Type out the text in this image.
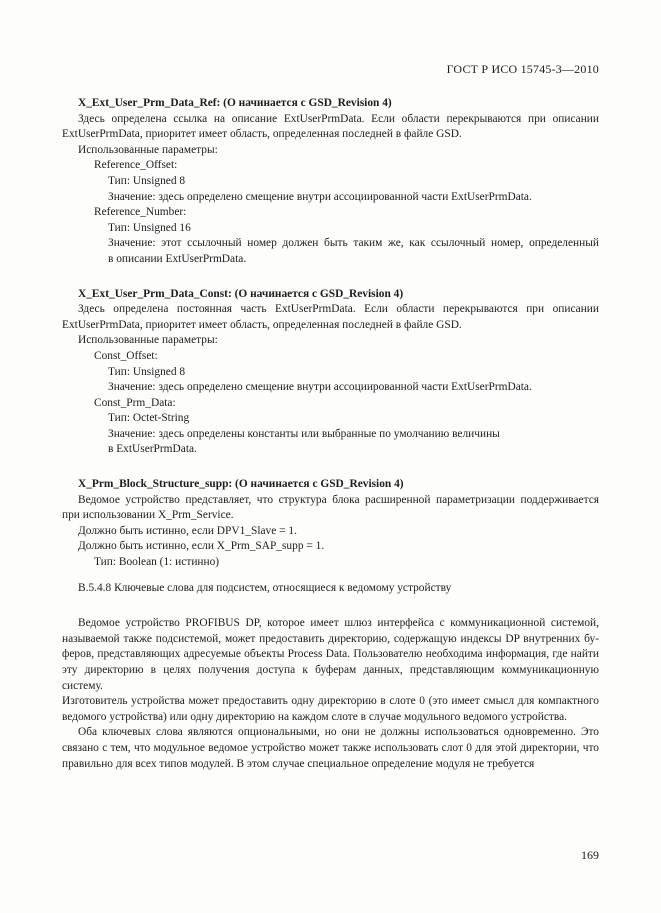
ГОСТ Р ИСО 15745-3—2010
X_Ext_User_Prm_Data_Ref: (О начинается с GSD_Revision 4)
Здесь определена ссылка на описание ExtUserPrmData. Если области перекрываются при описании
ExtUserPrmData, приоритет имеет область, определенная последней в файле GSD.
Использованные параметры:
Reference_Offset:
Тип: Unsigned 8
Значение: здесь определено смещение внутри ассоциированной части ExtUserPrmData.
Reference_Number:
Тип: Unsigned 16
Значение: этот ссылочный номер должен быть таким же, как ссылочный номер, определенный
в описании ExtUserPrmData.
X_Ext_User_Prm_Data_Const: (О начинается с GSD_Revision 4)
Здесь определена постоянная часть ExtUserPrmData. Если области перекрываются при описании
ExtUserPrmData, приоритет имеет область, определенная последней в файле GSD.
Использованные параметры:
Const_Offset:
Тип: Unsigned 8
Значение: здесь определено смещение внутри ассоциированной части ExtUserPrmData.
Const_Prm_Data:
Тип: Octet-String
Значение: здесь определены константы или выбранные по умолчанию величины
в ExtUserPrmData.
X_Prm_Block_Structure_supp: (О начинается с GSD_Revision 4)
Ведомое устройство представляет, что структура блока расширенной параметризации поддерживается
при использовании X_Prm_Service.
Должно быть истинно, если DPV1_Slave = 1.
Должно быть истинно, если X_Prm_SAP_supp = 1.
Тип: Boolean (1: истинно)
B.5.4.8 Ключевые слова для подсистем, относящиеся к ведомому устройству
Ведомое устройство PROFIBUS DP, которое имеет шлюз интерфейса с коммуникационной системой,
называемой также подсистемой, может предоставить директорию, содержащую индексы DP внутренних бу-
феров, представляющих адресуемые объекты Process Data. Пользователю необходима информация, где найти
эту директорию в целях получения доступа к буферам данных, представляющим коммуникационную систему.
Изготовитель устройства может предоставить одну директорию в слоте 0 (это имеет смысл для компактного
ведомого устройства) или одну директорию на каждом слоте в случае модульного ведомого устройства.
Оба ключевых слова являются опциональными, но они не должны использоваться одновременно. Это
связано с тем, что модульное ведомое устройство может также использовать слот 0 для этой директории, что
правильно для всех типов модулей. В этом случае специальное определение модуля не требуется
169
